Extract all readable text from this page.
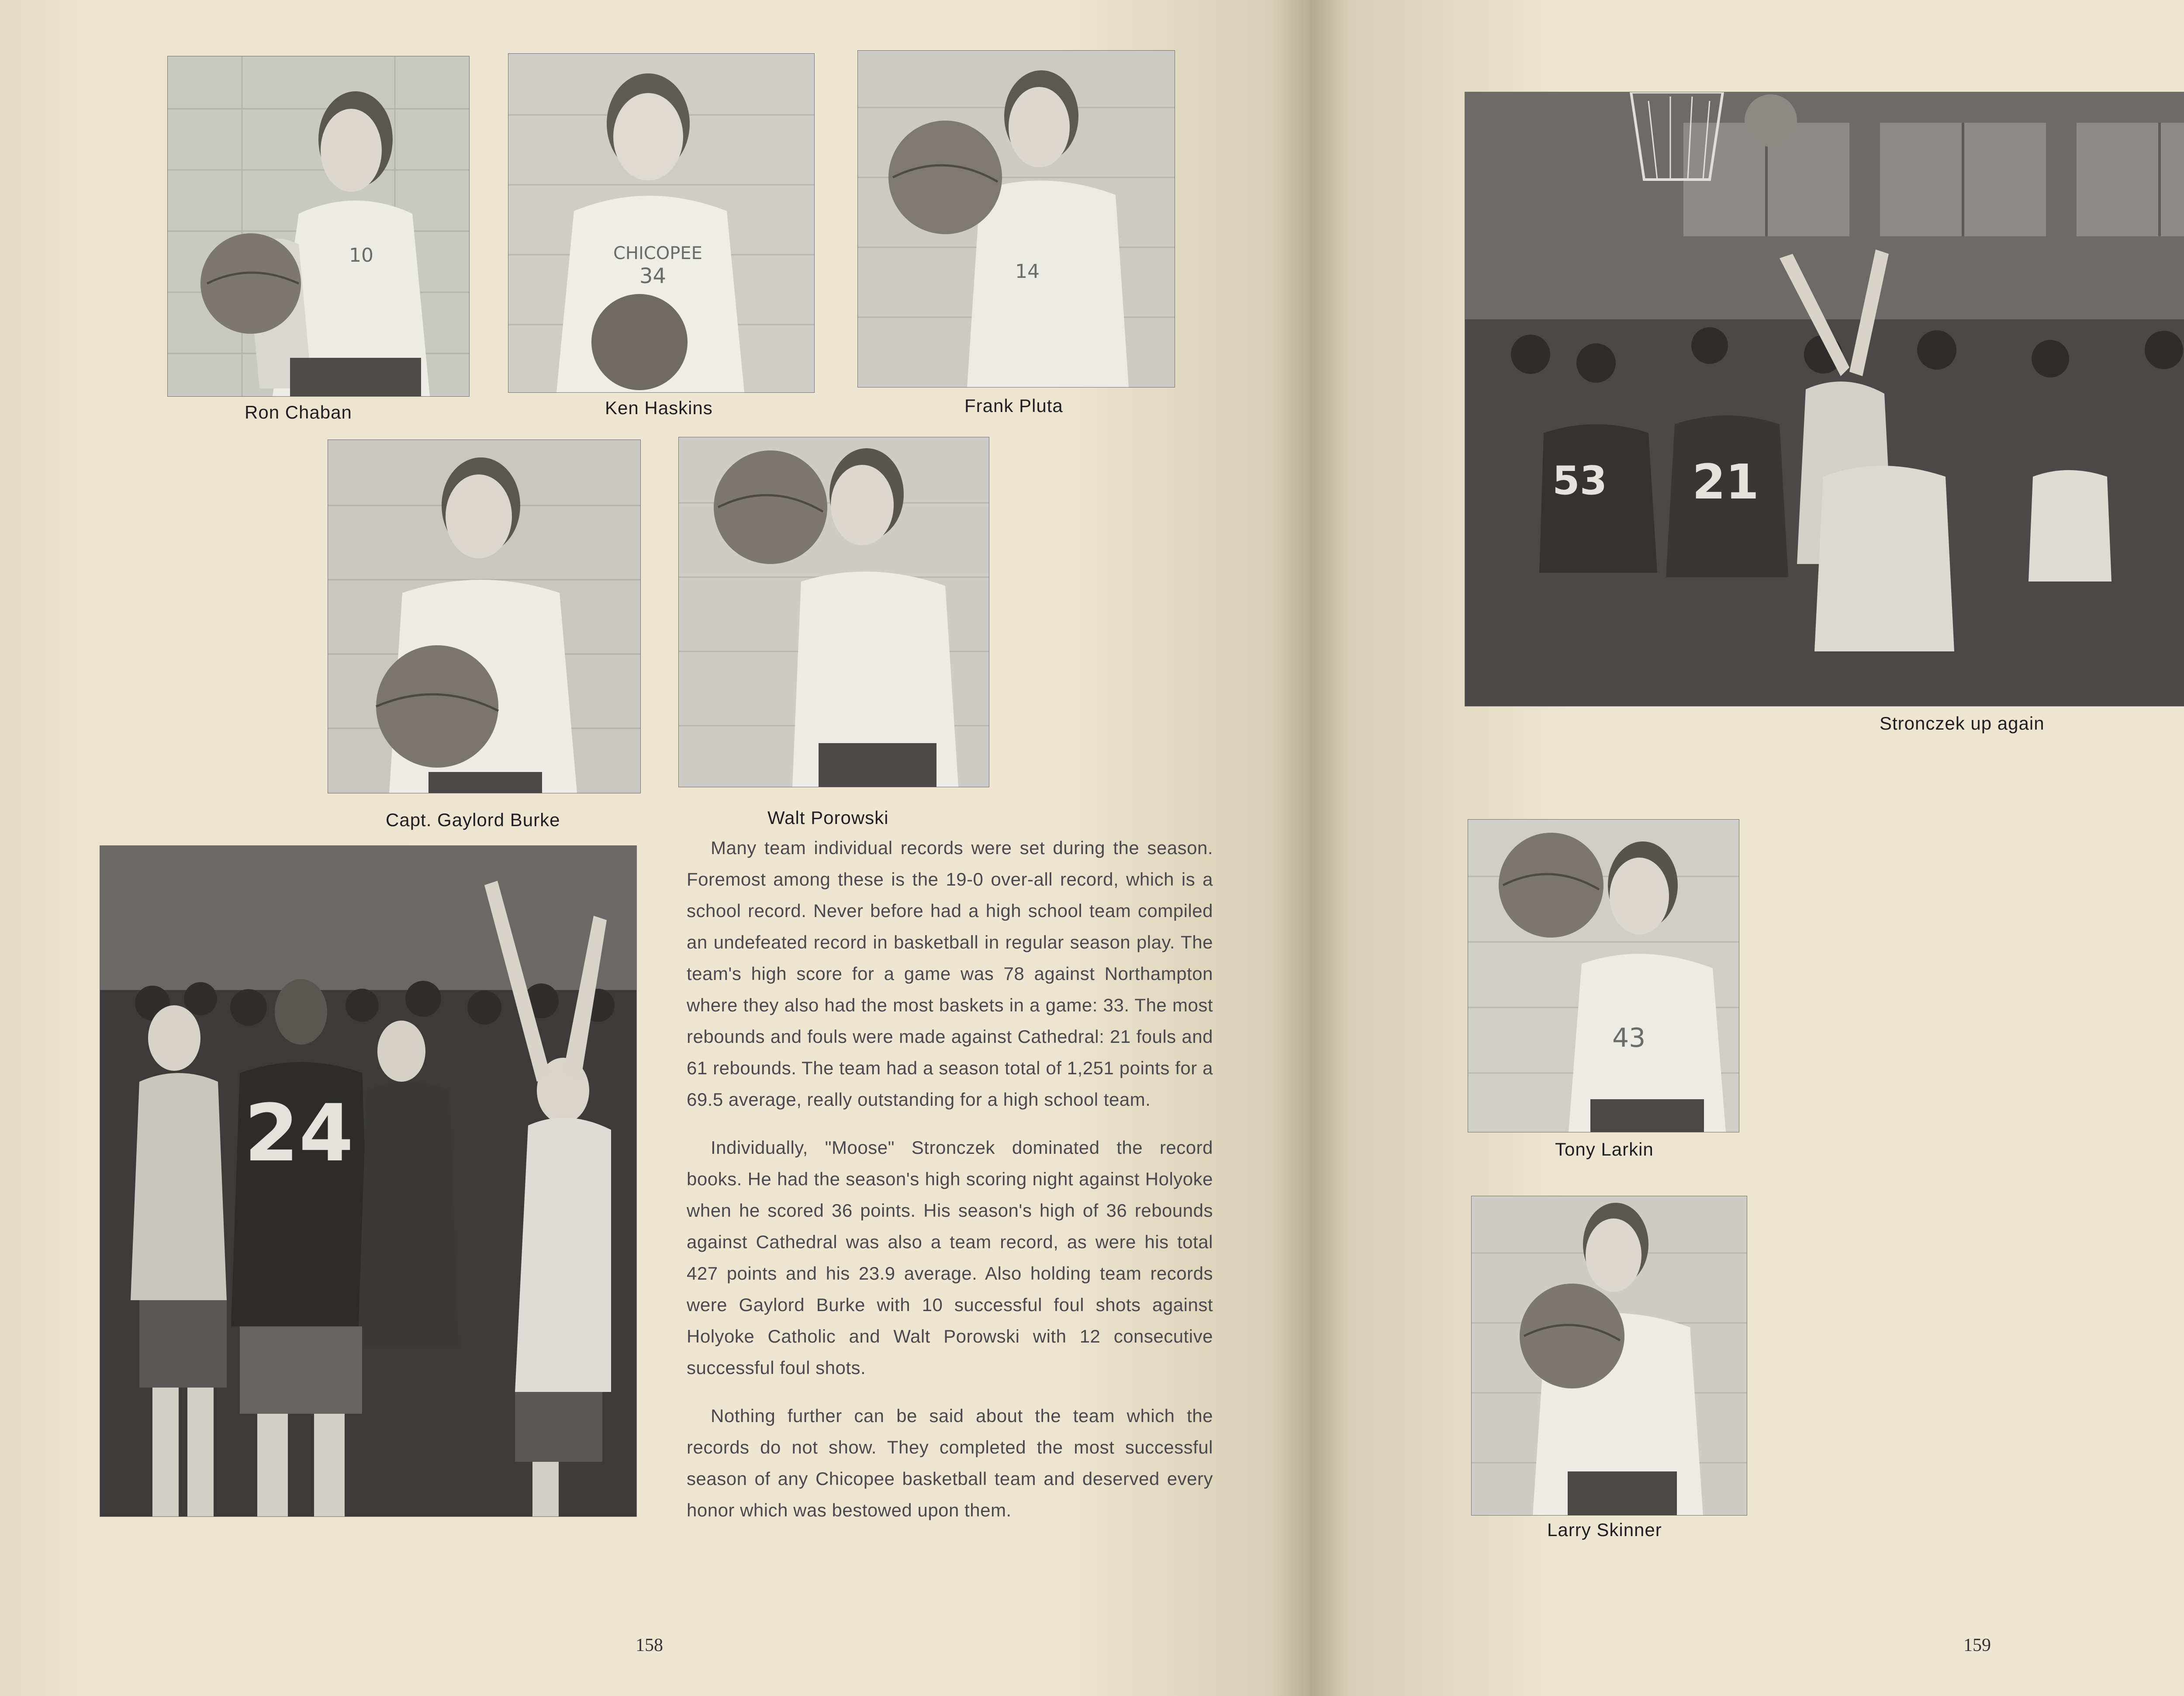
10
Ron Chaban
CHICOPEE
34
Ken Haskins
14
Frank Pluta
Capt. Gaylord Burke	Walt Porowski
24

Many team individual records were set during the season. Foremost among these is the 19-0 over-all record, which is a school record. Never before had a high school team compiled an undefeated record in basketball in regular season play. The team's high score for a game was 78 against Northampton where they also had the most baskets in a game: 33. The most rebounds and fouls were made against Cathedral: 21 fouls and 61 rebounds. The team had a season total of 1,251 points for a 69.5 average, really outstanding for a high school team.

Individually, "Moose" Stronczek dominated the record books. He had the season's high scoring night against Holyoke when he scored 36 points. His season's high of 36 rebounds against Cathedral was also a team record, as were his total 427 points and his 23.9 average. Also holding team records were Gaylord Burke with 10 successful foul shots against Holyoke Catholic and Walt Porowski with 12 consecutive successful foul shots.

Nothing further can be said about the team which the records do not show. They completed the most successful season of any Chicopee basketball team and deserved every honor which was bestowed upon them.

158
53 21
Stronczek up again
43
Tony Larkin
Larry Skinner
159
